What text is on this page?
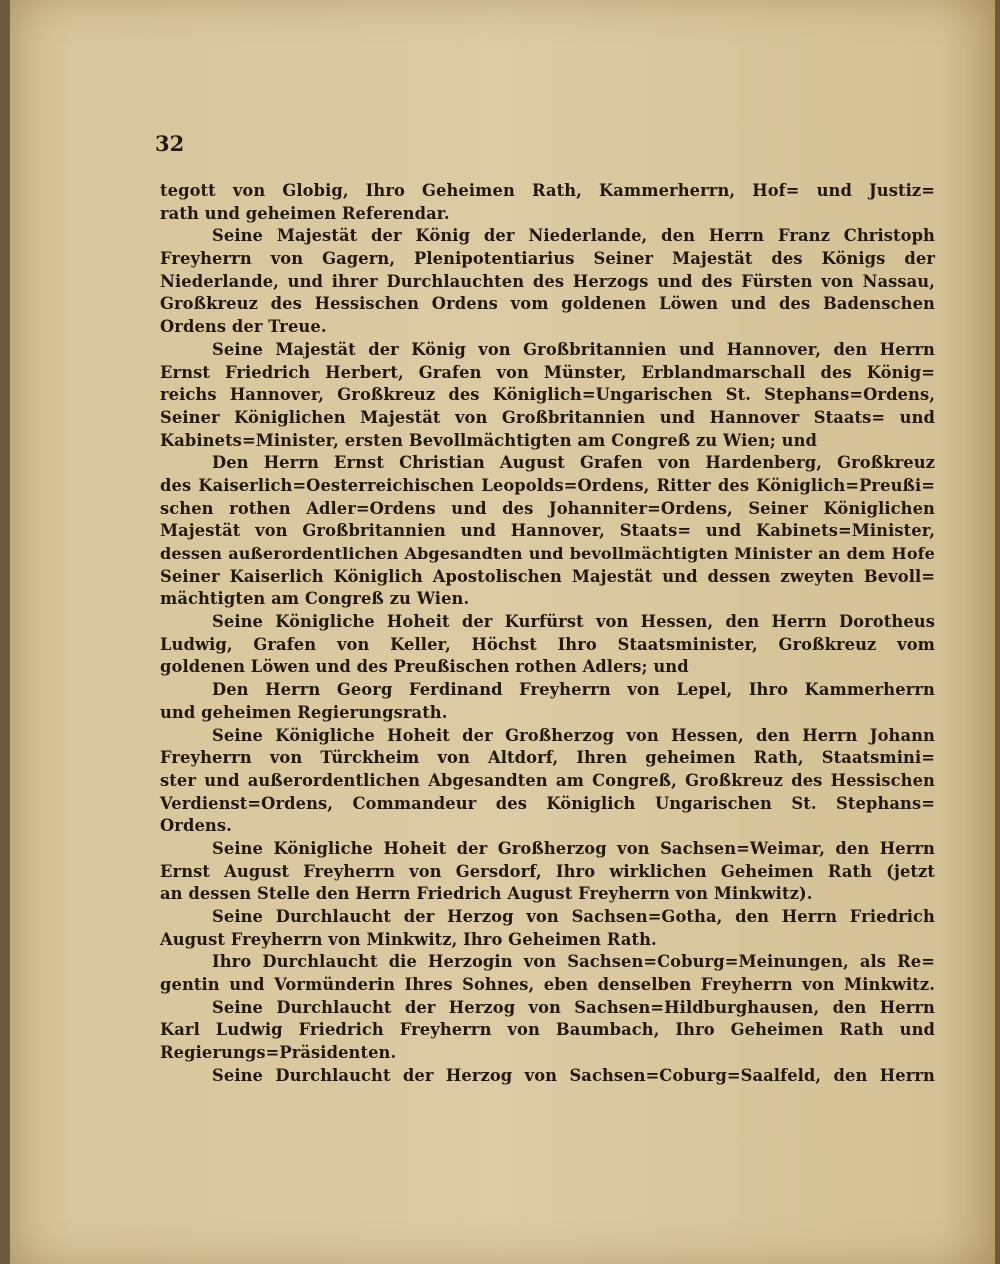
32
tegott von Globig, Ihro Geheimen Rath, Kammerherrn, Hof= und Justiz=
rath und geheimen Referendar.
Seine Majestät der König der Niederlande, den Herrn Franz Christoph
Freyherrn von Gagern, Plenipotentiarius Seiner Majestät des Königs der
Niederlande, und ihrer Durchlauchten des Herzogs und des Fürsten von Nassau,
Großkreuz des Hessischen Ordens vom goldenen Löwen und des Badenschen
Ordens der Treue.
Seine Majestät der König von Großbritannien und Hannover, den Herrn
Ernst Friedrich Herbert, Grafen von Münster, Erblandmarschall des König=
reichs Hannover, Großkreuz des Königlich=Ungarischen St. Stephans=Ordens,
Seiner Königlichen Majestät von Großbritannien und Hannover Staats= und
Kabinets=Minister, ersten Bevollmächtigten am Congreß zu Wien; und
Den Herrn Ernst Christian August Grafen von Hardenberg, Großkreuz
des Kaiserlich=Oesterreichischen Leopolds=Ordens, Ritter des Königlich=Preußi=
schen rothen Adler=Ordens und des Johanniter=Ordens, Seiner Königlichen
Majestät von Großbritannien und Hannover, Staats= und Kabinets=Minister,
dessen außerordentlichen Abgesandten und bevollmächtigten Minister an dem Hofe
Seiner Kaiserlich Königlich Apostolischen Majestät und dessen zweyten Bevoll=
mächtigten am Congreß zu Wien.
Seine Königliche Hoheit der Kurfürst von Hessen, den Herrn Dorotheus
Ludwig, Grafen von Keller, Höchst Ihro Staatsminister, Großkreuz vom
goldenen Löwen und des Preußischen rothen Adlers; und
Den Herrn Georg Ferdinand Freyherrn von Lepel, Ihro Kammerherrn
und geheimen Regierungsrath.
Seine Königliche Hoheit der Großherzog von Hessen, den Herrn Johann
Freyherrn von Türckheim von Altdorf, Ihren geheimen Rath, Staatsmini=
ster und außerordentlichen Abgesandten am Congreß, Großkreuz des Hessischen
Verdienst=Ordens, Commandeur des Königlich Ungarischen St. Stephans=
Ordens.
Seine Königliche Hoheit der Großherzog von Sachsen=Weimar, den Herrn
Ernst August Freyherrn von Gersdorf, Ihro wirklichen Geheimen Rath (jetzt
an dessen Stelle den Herrn Friedrich August Freyherrn von Minkwitz).
Seine Durchlaucht der Herzog von Sachsen=Gotha, den Herrn Friedrich
August Freyherrn von Minkwitz, Ihro Geheimen Rath.
Ihro Durchlaucht die Herzogin von Sachsen=Coburg=Meinungen, als Re=
gentin und Vormünderin Ihres Sohnes, eben denselben Freyherrn von Minkwitz.
Seine Durchlaucht der Herzog von Sachsen=Hildburghausen, den Herrn
Karl Ludwig Friedrich Freyherrn von Baumbach, Ihro Geheimen Rath und
Regierungs=Präsidenten.
Seine Durchlaucht der Herzog von Sachsen=Coburg=Saalfeld, den Herrn
